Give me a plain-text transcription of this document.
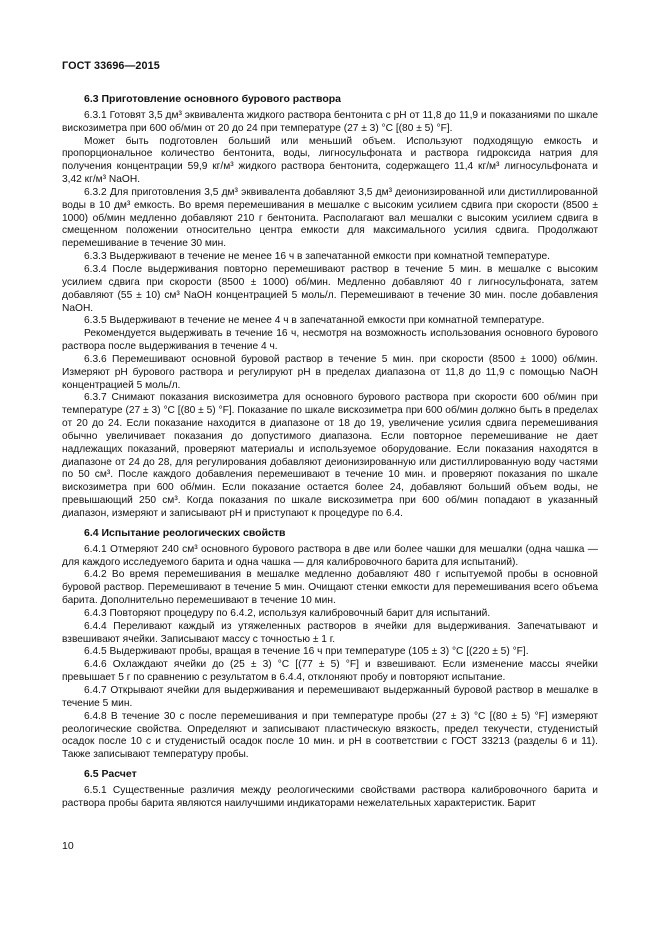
ГОСТ 33696—2015
6.3 Приготовление основного бурового раствора

6.3.1 Готовят 3,5 дм³ эквивалента жидкого раствора бентонита с pH от 11,8 до 11,9 и показаниями по шкале вискозиметра при 600 об/мин от 20 до 24 при температуре (27 ± 3) °С [(80 ± 5) °F].

Может быть подготовлен больший или меньший объем. Используют подходящую емкость и пропорциональное количество бентонита, воды, лигносульфоната и раствора гидроксида натрия для получения концентрации 59,9 кг/м³ жидкого раствора бентонита, содержащего 11,4 кг/м³ лигносульфоната и 3,42 кг/м³ NaOH.

6.3.2 Для приготовления 3,5 дм³ эквивалента добавляют 3,5 дм³ деионизированной или дистиллированной воды в 10 дм³ емкость. Во время перемешивания в мешалке с высоким усилием сдвига при скорости (8500 ± 1000) об/мин медленно добавляют 210 г бентонита. Располагают вал мешалки с высоким усилием сдвига в смещенном положении относительно центра емкости для максимального усилия сдвига. Продолжают перемешивание в течение 30 мин.

6.3.3 Выдерживают в течение не менее 16 ч в запечатанной емкости при комнатной температуре.

6.3.4 После выдерживания повторно перемешивают раствор в течение 5 мин. в мешалке с высоким усилием сдвига при скорости (8500 ± 1000) об/мин. Медленно добавляют 40 г лигносульфоната, затем добавляют (55 ± 10) см³ NaOH концентрацией 5 моль/л. Перемешивают в течение 30 мин. после добавления NaOH.

6.3.5 Выдерживают в течение не менее 4 ч в запечатанной емкости при комнатной температуре.

Рекомендуется выдерживать в течение 16 ч, несмотря на возможность использования основного бурового раствора после выдерживания в течение 4 ч.

6.3.6 Перемешивают основной буровой раствор в течение 5 мин. при скорости (8500 ± 1000) об/мин. Измеряют pH бурового раствора и регулируют pH в пределах диапазона от 11,8 до 11,9 с помощью NaOH концентрацией 5 моль/л.

6.3.7 Снимают показания вискозиметра для основного бурового раствора при скорости 600 об/мин при температуре (27 ± 3) °С [(80 ± 5) °F]. Показание по шкале вискозиметра при 600 об/мин должно быть в пределах от 20 до 24. Если показание находится в диапазоне от 18 до 19, увеличение усилия сдвига перемешивания обычно увеличивает показания до допустимого диапазона. Если повторное перемешивание не дает надлежащих показаний, проверяют материалы и используемое оборудование. Если показания находятся в диапазоне от 24 до 28, для регулирования добавляют деионизированную или дистиллированную воду частями по 50 см³. После каждого добавления перемешивают в течение 10 мин. и проверяют показания по шкале вискозиметра при 600 об/мин. Если показание остается более 24, добавляют больший объем воды, не превышающий 250 см³. Когда показания по шкале вискозиметра при 600 об/мин попадают в указанный диапазон, измеряют и записывают pH и приступают к процедуре по 6.4.

6.4 Испытание реологических свойств

6.4.1 Отмеряют 240 см³ основного бурового раствора в две или более чашки для мешалки (одна чашка — для каждого исследуемого барита и одна чашка — для калибровочного барита для испытаний).

6.4.2 Во время перемешивания в мешалке медленно добавляют 480 г испытуемой пробы в основной буровой раствор. Перемешивают в течение 5 мин. Очищают стенки емкости для перемешивания всего объема барита. Дополнительно перемешивают в течение 10 мин.

6.4.3 Повторяют процедуру по 6.4.2, используя калибровочный барит для испытаний.

6.4.4 Переливают каждый из утяжеленных растворов в ячейки для выдерживания. Запечатывают и взвешивают ячейки. Записывают массу с точностью ± 1 г.

6.4.5 Выдерживают пробы, вращая в течение 16 ч при температуре (105 ± 3) °С [(220 ± 5) °F].

6.4.6 Охлаждают ячейки до (25 ± 3) °С [(77 ± 5) °F] и взвешивают. Если изменение массы ячейки превышает 5 г по сравнению с результатом в 6.4.4, отклоняют пробу и повторяют испытание.

6.4.7 Открывают ячейки для выдерживания и перемешивают выдержанный буровой раствор в мешалке в течение 5 мин.

6.4.8 В течение 30 с после перемешивания и при температуре пробы (27 ± 3) °С [(80 ± 5) °F] измеряют реологические свойства. Определяют и записывают пластическую вязкость, предел текучести, студенистый осадок после 10 с и студенистый осадок после 10 мин. и pH в соответствии с ГОСТ 33213 (разделы 6 и 11). Также записывают температуру пробы.

6.5 Расчет

6.5.1 Существенные различия между реологическими свойствами раствора калибровочного барита и раствора пробы барита являются наилучшими индикаторами нежелательных характеристик. Барит

10
